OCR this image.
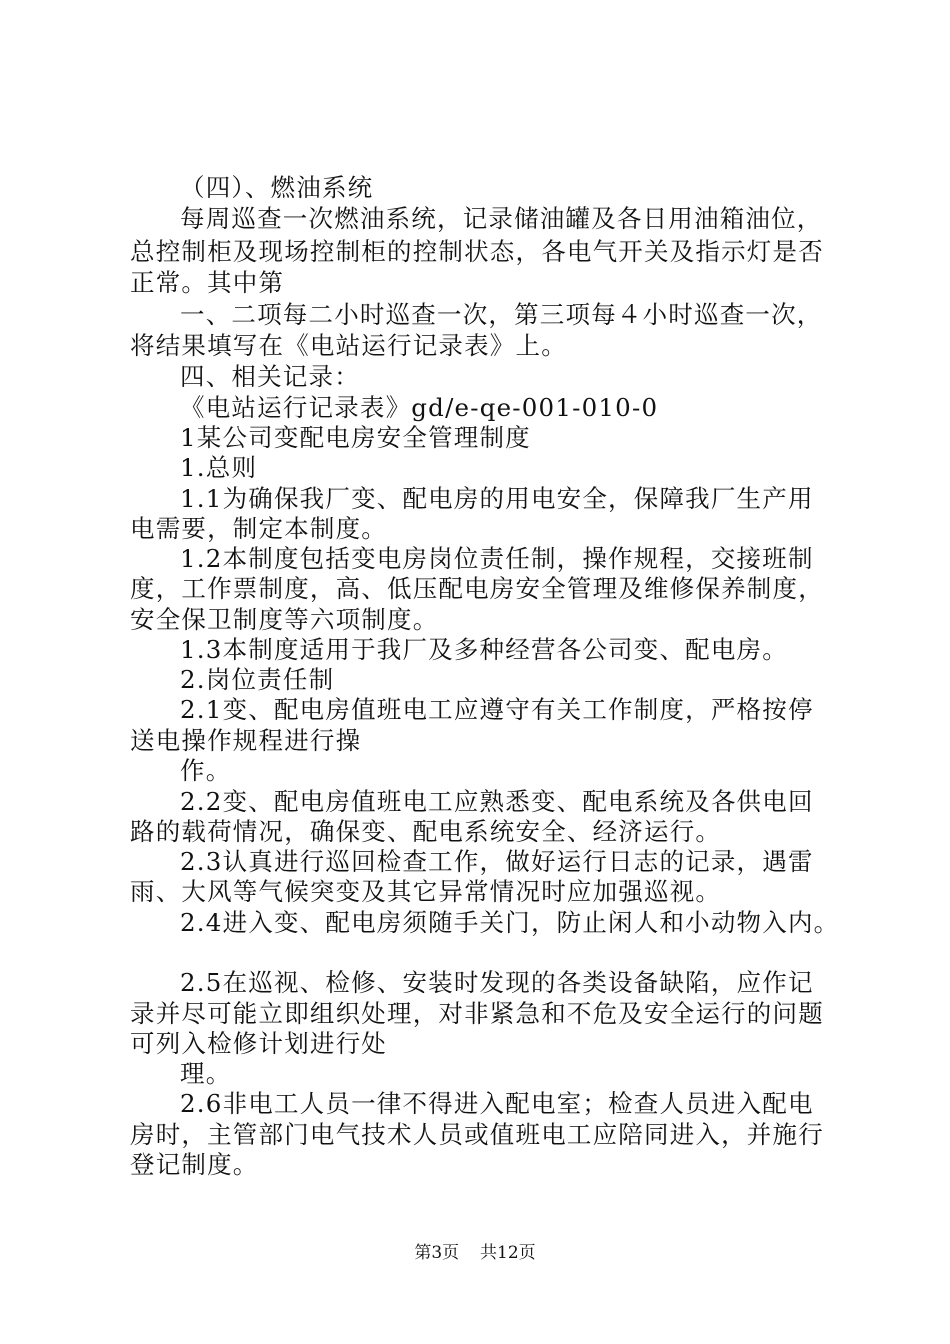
（四）、燃油系统
每周巡查一次燃油系统，记录储油罐及各日用油箱油位，
总控制柜及现场控制柜的控制状态，各电气开关及指示灯是否
正常。其中第
一、二项每二小时巡查一次，第三项每４小时巡查一次，
将结果填写在《电站运行记录表》上。
四、相关记录：
《电站运行记录表》gd/e-qe-001-010-0
1某公司变配电房安全管理制度
1.总则
1.1为确保我厂变、配电房的用电安全，保障我厂生产用
电需要，制定本制度。
1.2本制度包括变电房岗位责任制，操作规程，交接班制
度，工作票制度，高、低压配电房安全管理及维修保养制度，
安全保卫制度等六项制度。
1.3本制度适用于我厂及多种经营各公司变、配电房。
2.岗位责任制
2.1变、配电房值班电工应遵守有关工作制度，严格按停
送电操作规程进行操
作。
2.2变、配电房值班电工应熟悉变、配电系统及各供电回
路的载荷情况，确保变、配电系统安全、经济运行。
2.3认真进行巡回检查工作，做好运行日志的记录，遇雷
雨、大风等气候突变及其它异常情况时应加强巡视。
2.4进入变、配电房须随手关门，防止闲人和小动物入内。
2.5在巡视、检修、安装时发现的各类设备缺陷，应作记
录并尽可能立即组织处理，对非紧急和不危及安全运行的问题
可列入检修计划进行处
理。
2.6非电工人员一律不得进入配电室；检查人员进入配电
房时，主管部门电气技术人员或值班电工应陪同进入，并施行
登记制度。
第3页 共12页
